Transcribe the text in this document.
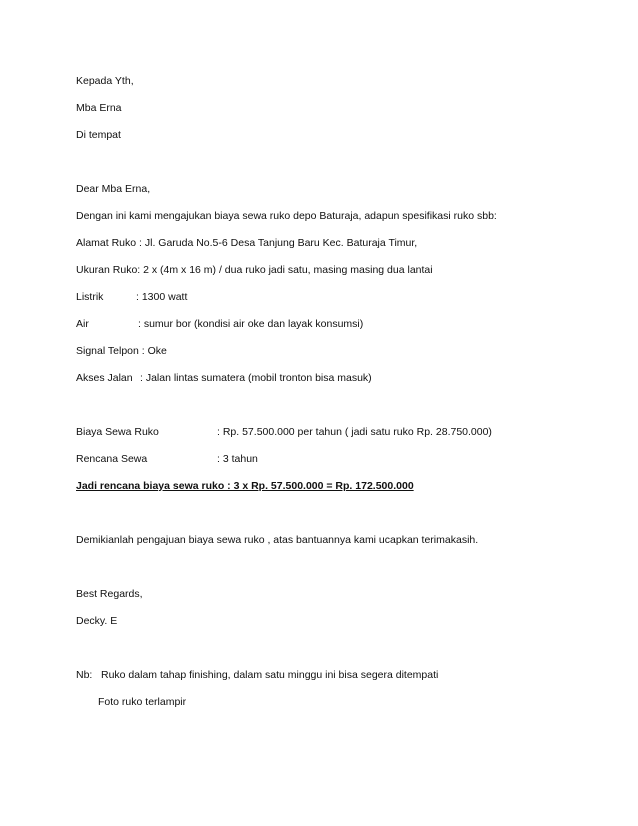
Kepada Yth,
Mba Erna
Di tempat
Dear Mba Erna,
Dengan ini kami mengajukan biaya sewa ruko depo Baturaja, adapun spesifikasi ruko sbb:
Alamat Ruko : Jl. Garuda No.5-6 Desa Tanjung Baru Kec. Baturaja Timur,
Ukuran Ruko: 2 x (4m x 16 m) / dua ruko jadi satu, masing masing dua lantai
Listrik	: 1300 watt
Air	: sumur bor (kondisi air oke dan layak konsumsi)
Signal Telpon : Oke
Akses Jalan : Jalan lintas sumatera (mobil tronton bisa masuk)
Biaya Sewa Ruko	: Rp. 57.500.000 per tahun ( jadi satu ruko Rp. 28.750.000)
Rencana Sewa	: 3 tahun
Jadi rencana biaya sewa ruko : 3 x Rp. 57.500.000 = Rp. 172.500.000
Demikianlah pengajuan biaya sewa ruko , atas bantuannya kami ucapkan terimakasih.
Best Regards,
Decky. E
Nb: Ruko dalam tahap finishing, dalam satu minggu ini bisa segera ditempati
Foto ruko terlampir
